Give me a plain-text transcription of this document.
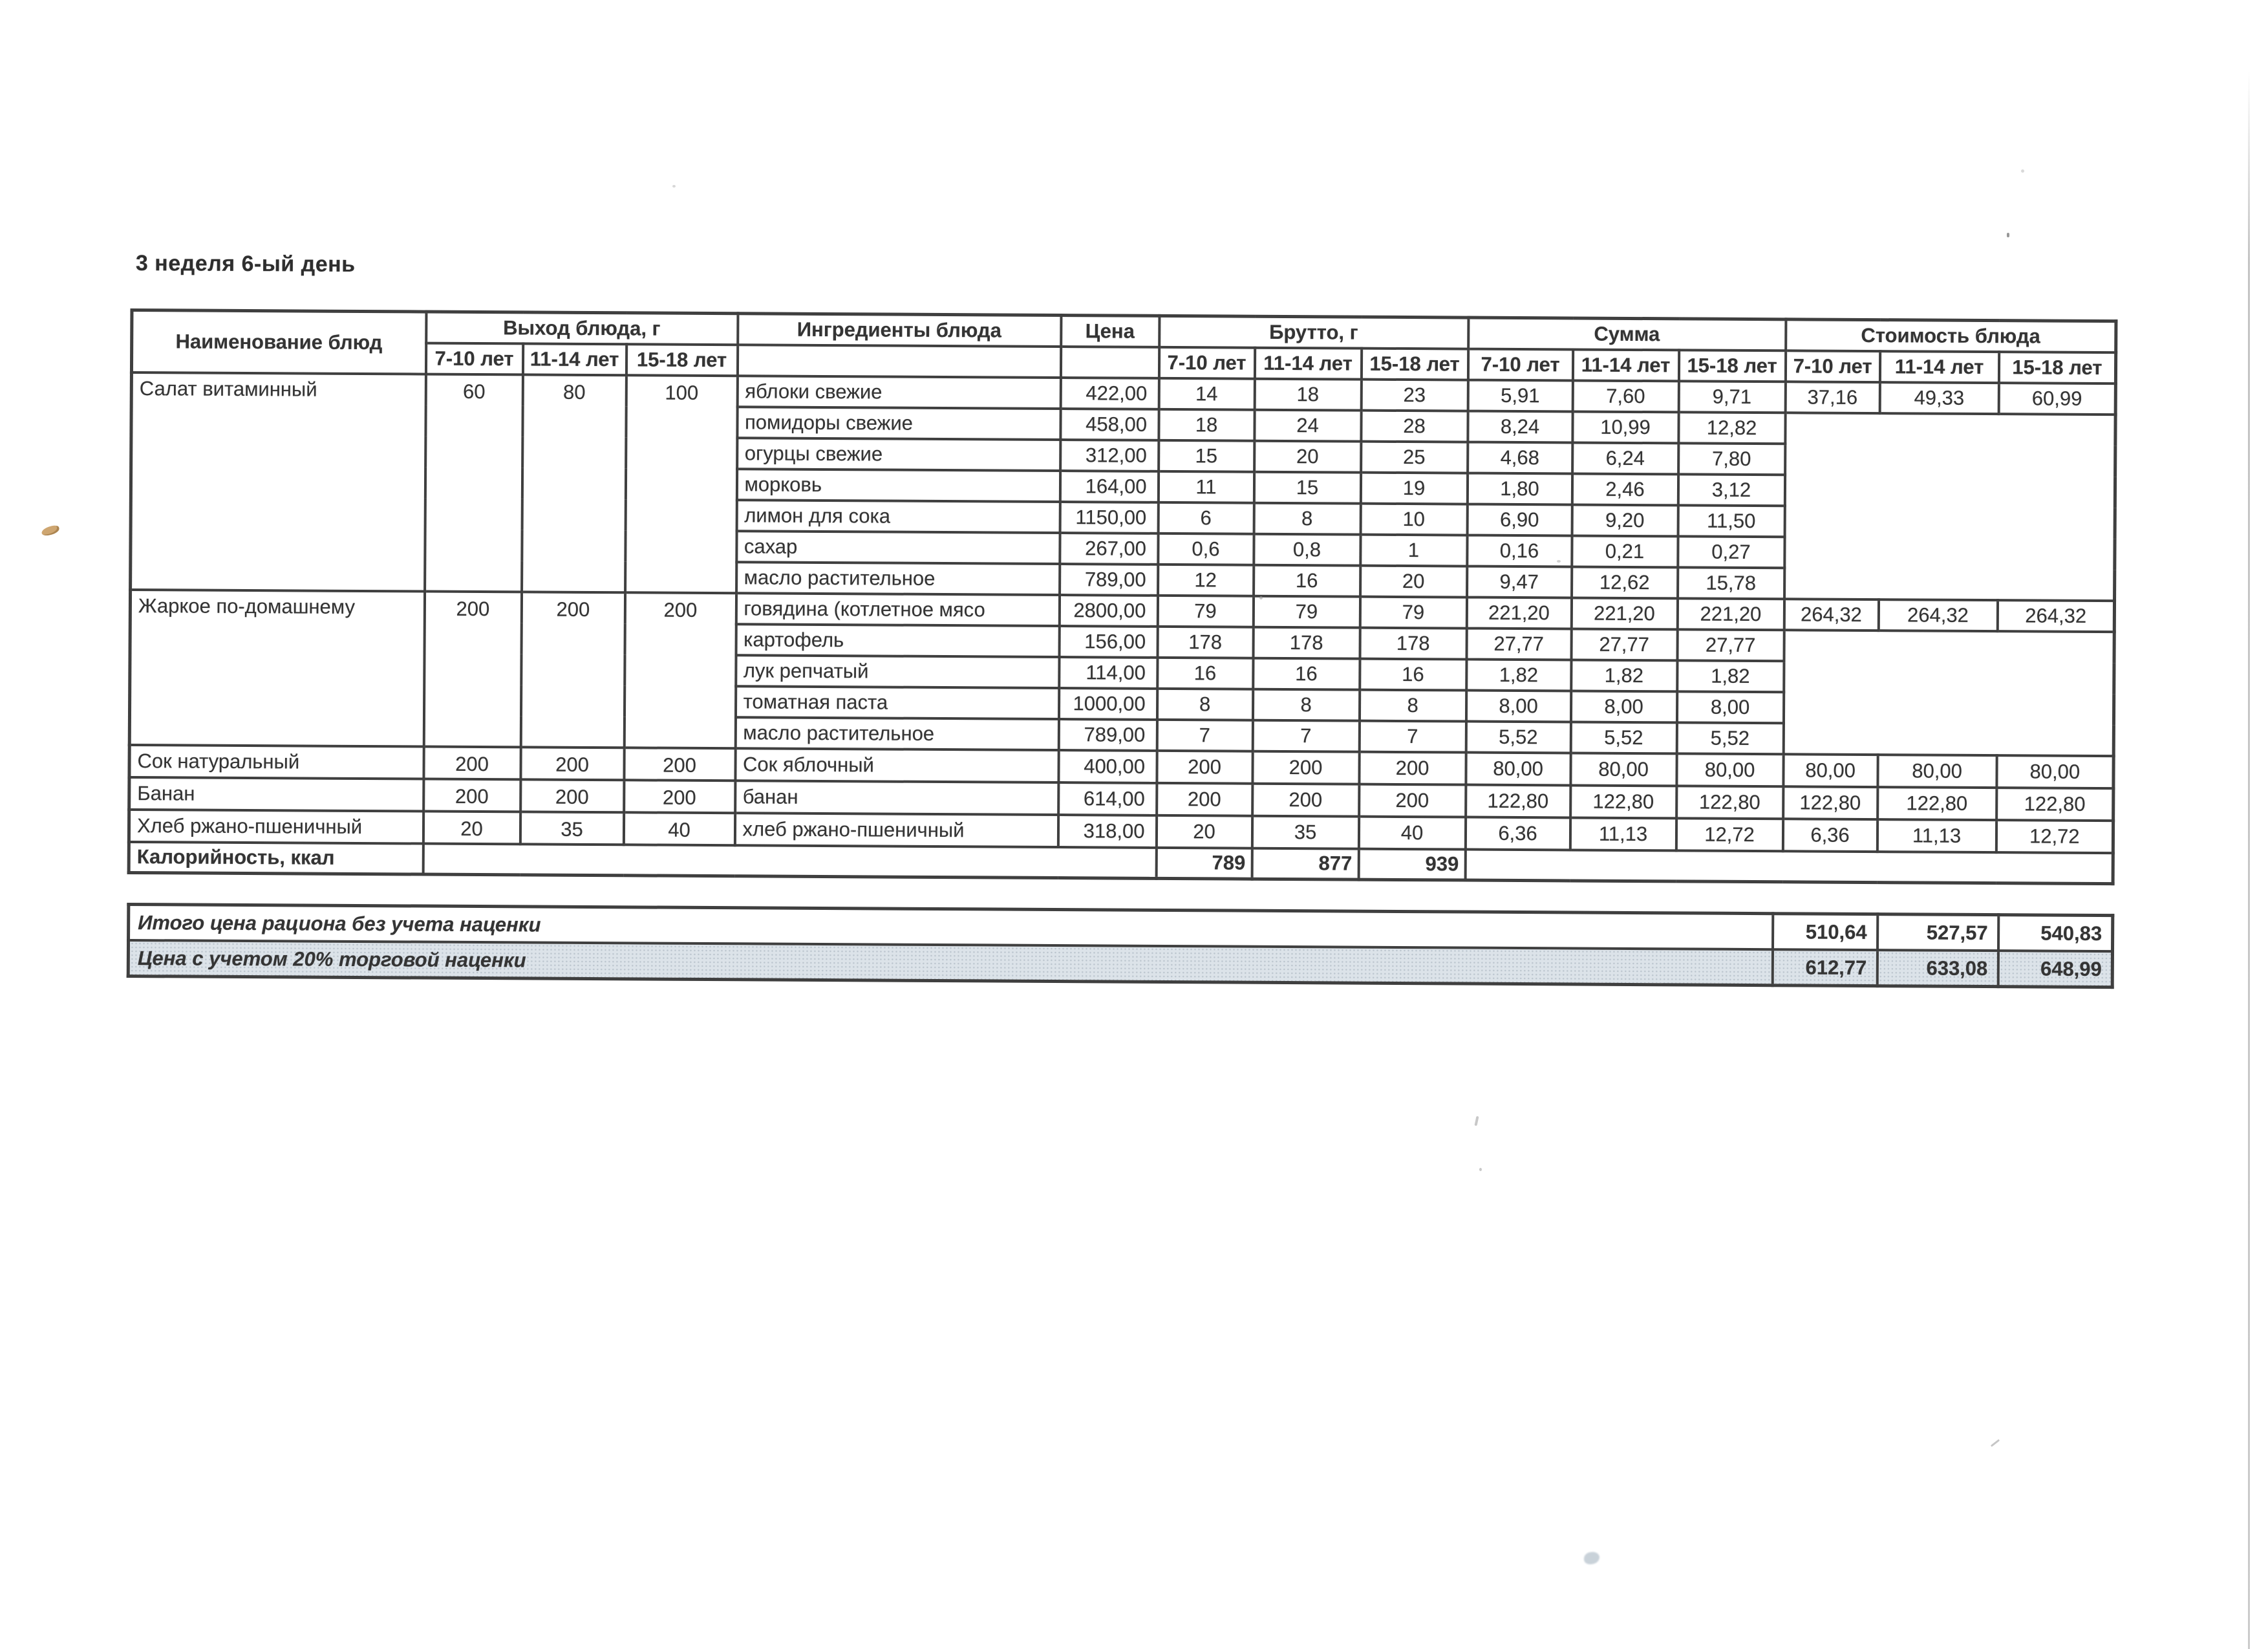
3 неделя 6-ый день
Наименование блюд	Выход блюда, г			Ингредиенты блюда	Цена	Брутто, г			Сумма			Стоимость блюда		
	7-10 лет	11-14 лет	15-18 лет			7-10 лет	11-14 лет	15-18 лет	7-10 лет	11-14 лет	15-18 лет	7-10 лет	11-14 лет	15-18 лет
Салат витаминный	60	80	100	яблоки свежие	422,00	14	18	23	5,91	7,60	9,71	37,16	49,33	60,99
				помидоры свежие	458,00	18	24	28	8,24	10,99	12,82			
				огурцы свежие	312,00	15	20	25	4,68	6,24	7,80			
				морковь	164,00	11	15	19	1,80	2,46	3,12			
				лимон для сока	1150,00	6	8	10	6,90	9,20	11,50			
				сахар	267,00	0,6	0,8	1	0,16	0,21	0,27			
				масло растительное	789,00	12	16	20	9,47	12,62	15,78			
Жаркое по-домашнему	200	200	200	говядина (котлетное мясо	2800,00	79	79	79	221,20	221,20	221,20	264,32	264,32	264,32
				картофель	156,00	178	178	178	27,77	27,77	27,77			
				лук репчатый	114,00	16	16	16	1,82	1,82	1,82			
				томатная паста	1000,00	8	8	8	8,00	8,00	8,00			
				масло растительное	789,00	7	7	7	5,52	5,52	5,52			
Сок натуральный	200	200	200	Сок яблочный	400,00	200	200	200	80,00	80,00	80,00	80,00	80,00	80,00
Банан	200	200	200	банан	614,00	200	200	200	122,80	122,80	122,80	122,80	122,80	122,80
Хлеб ржано-пшеничный	20	35	40	хлеб ржано-пшеничный	318,00	20	35	40	6,36	11,13	12,72	6,36	11,13	12,72
Калорийность, ккал						789	877	939						
Итого цена рациона без учета наценки	510,64	527,57	540,83
Цена с учетом 20% торговой наценки	612,77	633,08	648,99
